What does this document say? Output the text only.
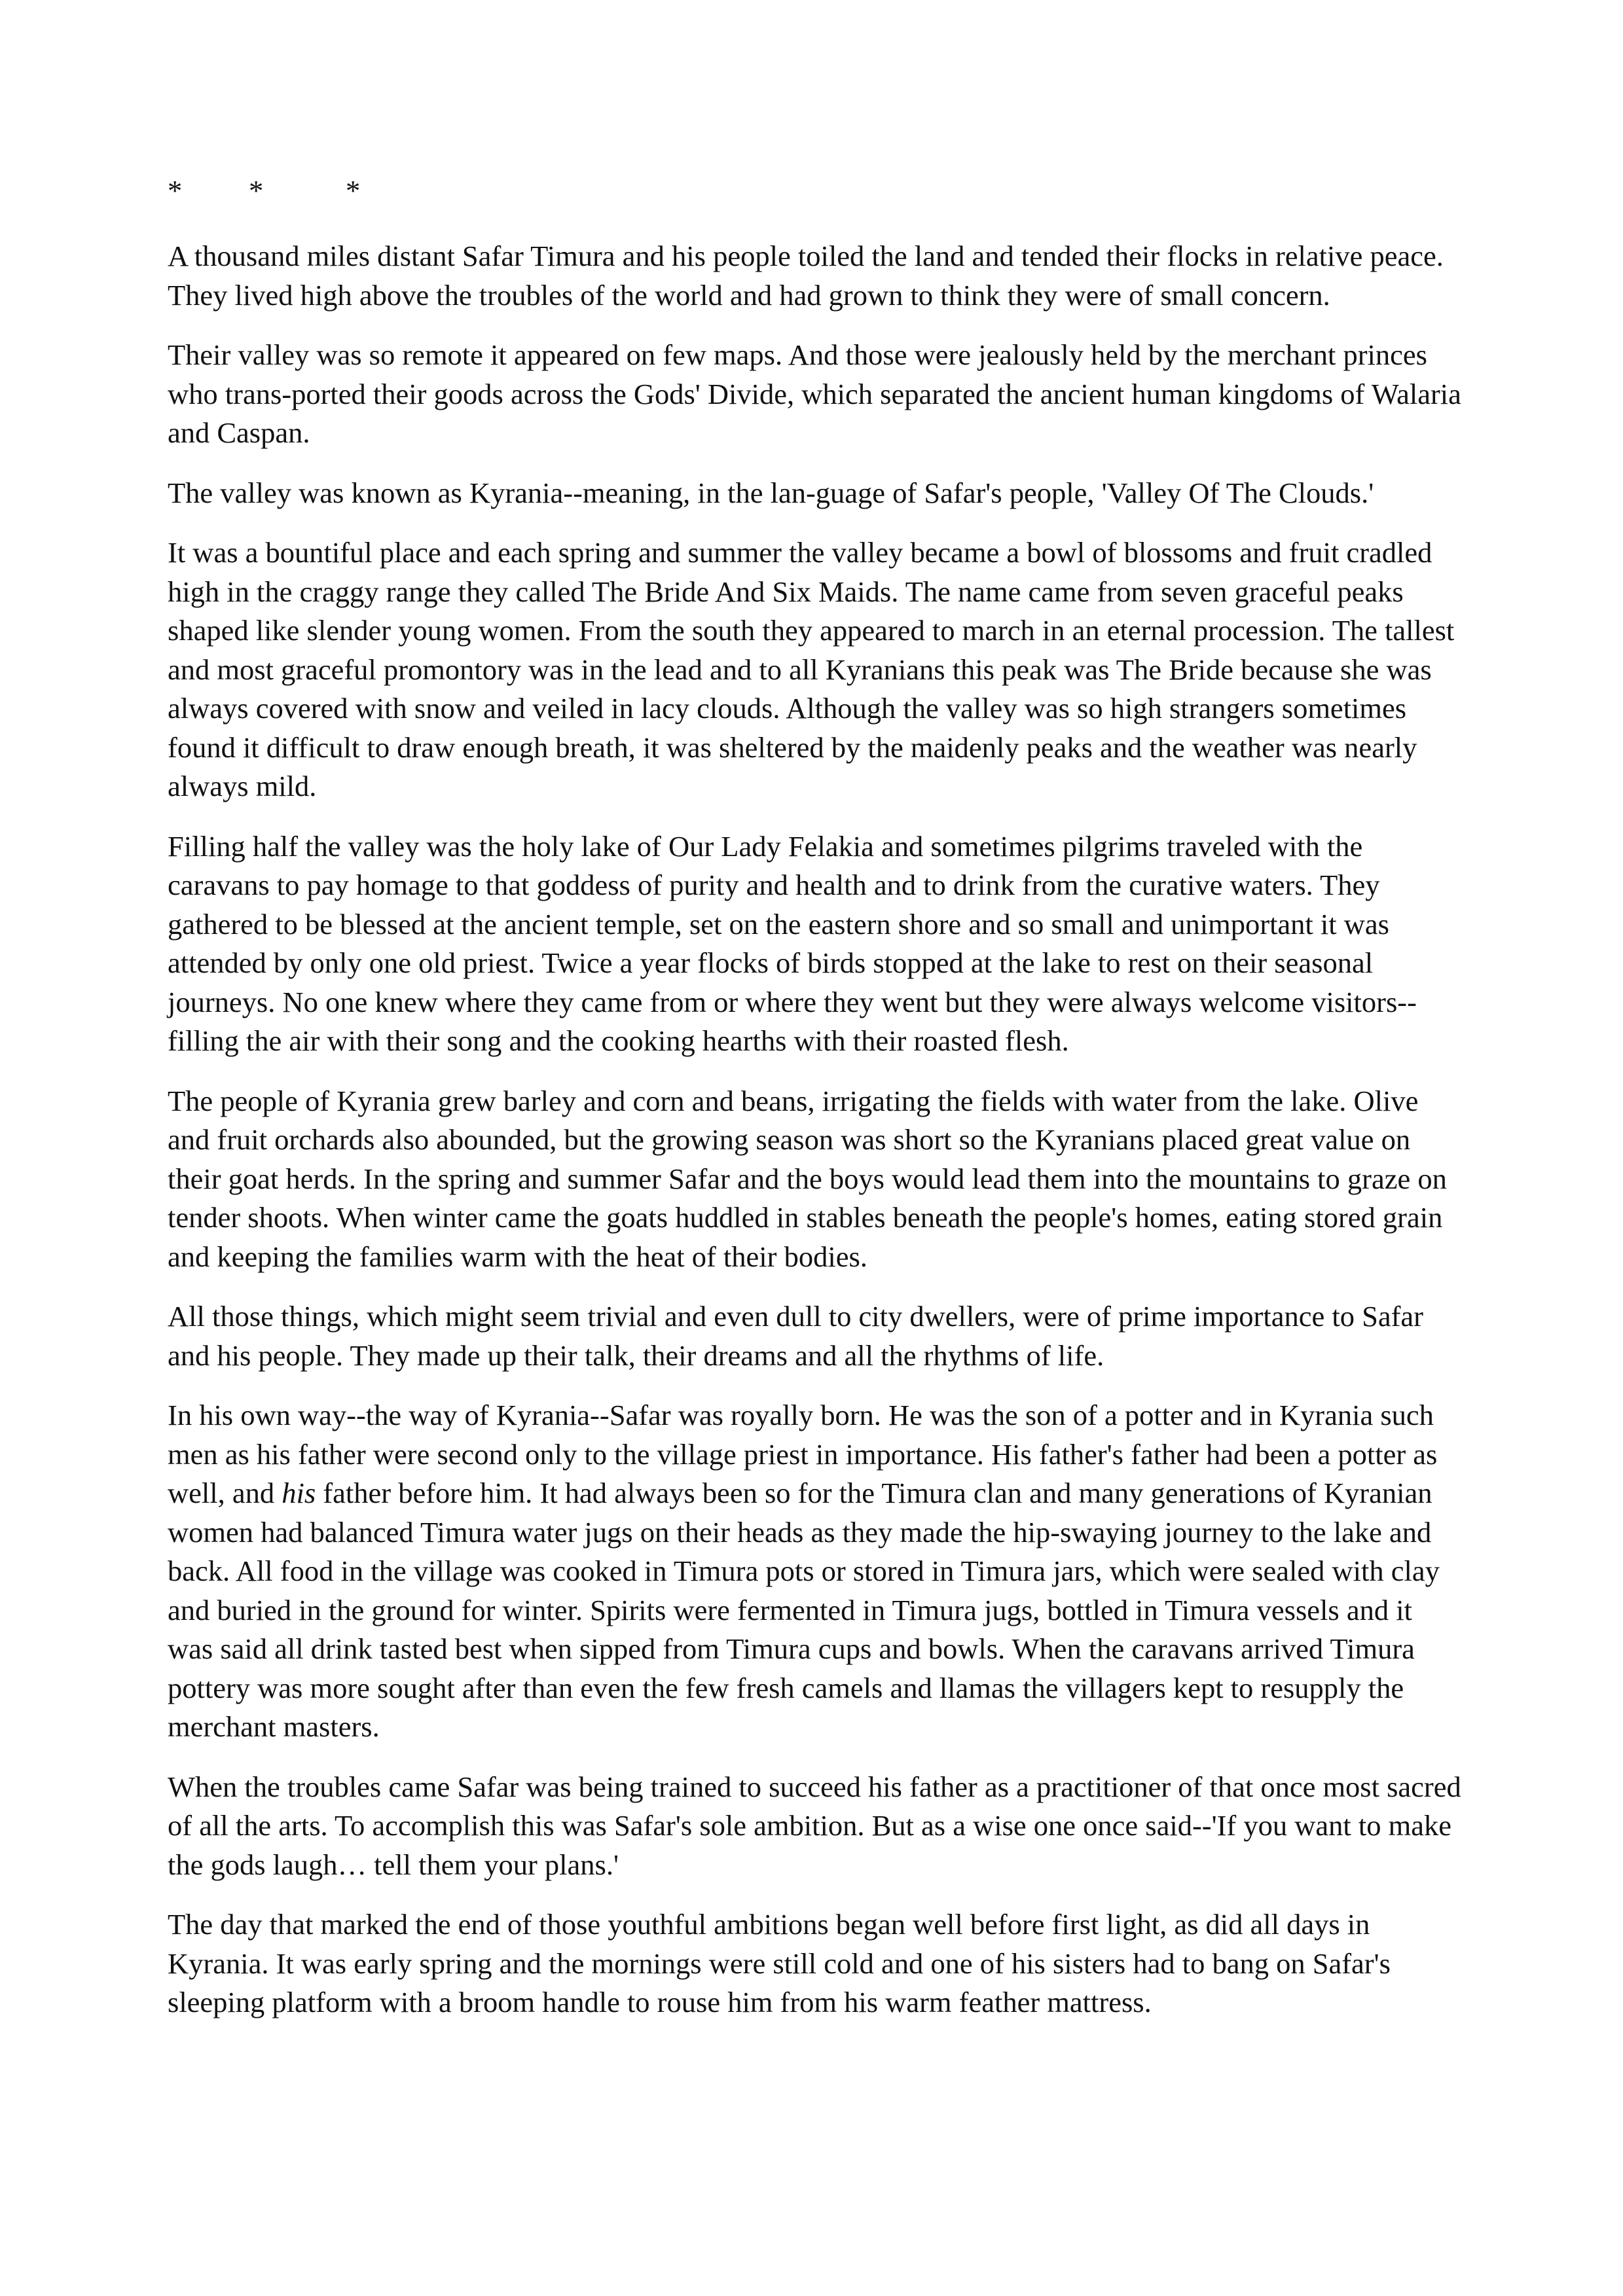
* *	*

A thousand miles distant Safar Timura and his people toiled the land and tended their flocks in relative peace. They lived high above the troubles of the world and had grown to think they were of small concern.

Their valley was so remote it appeared on few maps. And those were jealously held by the merchant princes who trans-ported their goods across the Gods' Divide, which separated the ancient human kingdoms of Walaria and Caspan.

The valley was known as Kyrania--meaning, in the lan-guage of Safar's people, 'Valley Of The Clouds.'

It was a bountiful place and each spring and summer the valley became a bowl of blossoms and fruit cradled high in the craggy range they called The Bride And Six Maids. The name came from seven graceful peaks shaped like slender young women. From the south they appeared to march in an eternal procession. The tallest and most graceful promontory was in the lead and to all Kyranians this peak was The Bride because she was always covered with snow and veiled in lacy clouds. Although the valley was so high strangers sometimes found it difficult to draw enough breath, it was sheltered by the maidenly peaks and the weather was nearly always mild.

Filling half the valley was the holy lake of Our Lady Felakia and sometimes pilgrims traveled with the caravans to pay homage to that goddess of purity and health and to drink from the curative waters. They gathered to be blessed at the ancient temple, set on the eastern shore and so small and unimportant it was attended by only one old priest. Twice a year flocks of birds stopped at the lake to rest on their seasonal journeys. No one knew where they came from or where they went but they were always welcome visitors--filling the air with their song and the cooking hearths with their roasted flesh.

The people of Kyrania grew barley and corn and beans, irrigating the fields with water from the lake. Olive and fruit orchards also abounded, but the growing season was short so the Kyranians placed great value on their goat herds. In the spring and summer Safar and the boys would lead them into the mountains to graze on tender shoots. When winter came the goats huddled in stables beneath the people's homes, eating stored grain and keeping the families warm with the heat of their bodies.

All those things, which might seem trivial and even dull to city dwellers, were of prime importance to Safar and his people. They made up their talk, their dreams and all the rhythms of life.

In his own way--the way of Kyrania--Safar was royally born. He was the son of a potter and in Kyrania such men as his father were second only to the village priest in importance. His father's father had been a potter as well, and his father before him. It had always been so for the Timura clan and many generations of Kyranian women had balanced Timura water jugs on their heads as they made the hip-swaying journey to the lake and back. All food in the village was cooked in Timura pots or stored in Timura jars, which were sealed with clay and buried in the ground for winter. Spirits were fermented in Timura jugs, bottled in Timura vessels and it was said all drink tasted best when sipped from Timura cups and bowls. When the caravans arrived Timura pottery was more sought after than even the few fresh camels and llamas the villagers kept to resupply the merchant masters.

When the troubles came Safar was being trained to succeed his father as a practitioner of that once most sacred of all the arts. To accomplish this was Safar's sole ambition. But as a wise one once said--'If you want to make the gods laugh… tell them your plans.'

The day that marked the end of those youthful ambitions began well before first light, as did all days in Kyrania. It was early spring and the mornings were still cold and one of his sisters had to bang on Safar's sleeping platform with a broom handle to rouse him from his warm feather mattress.
